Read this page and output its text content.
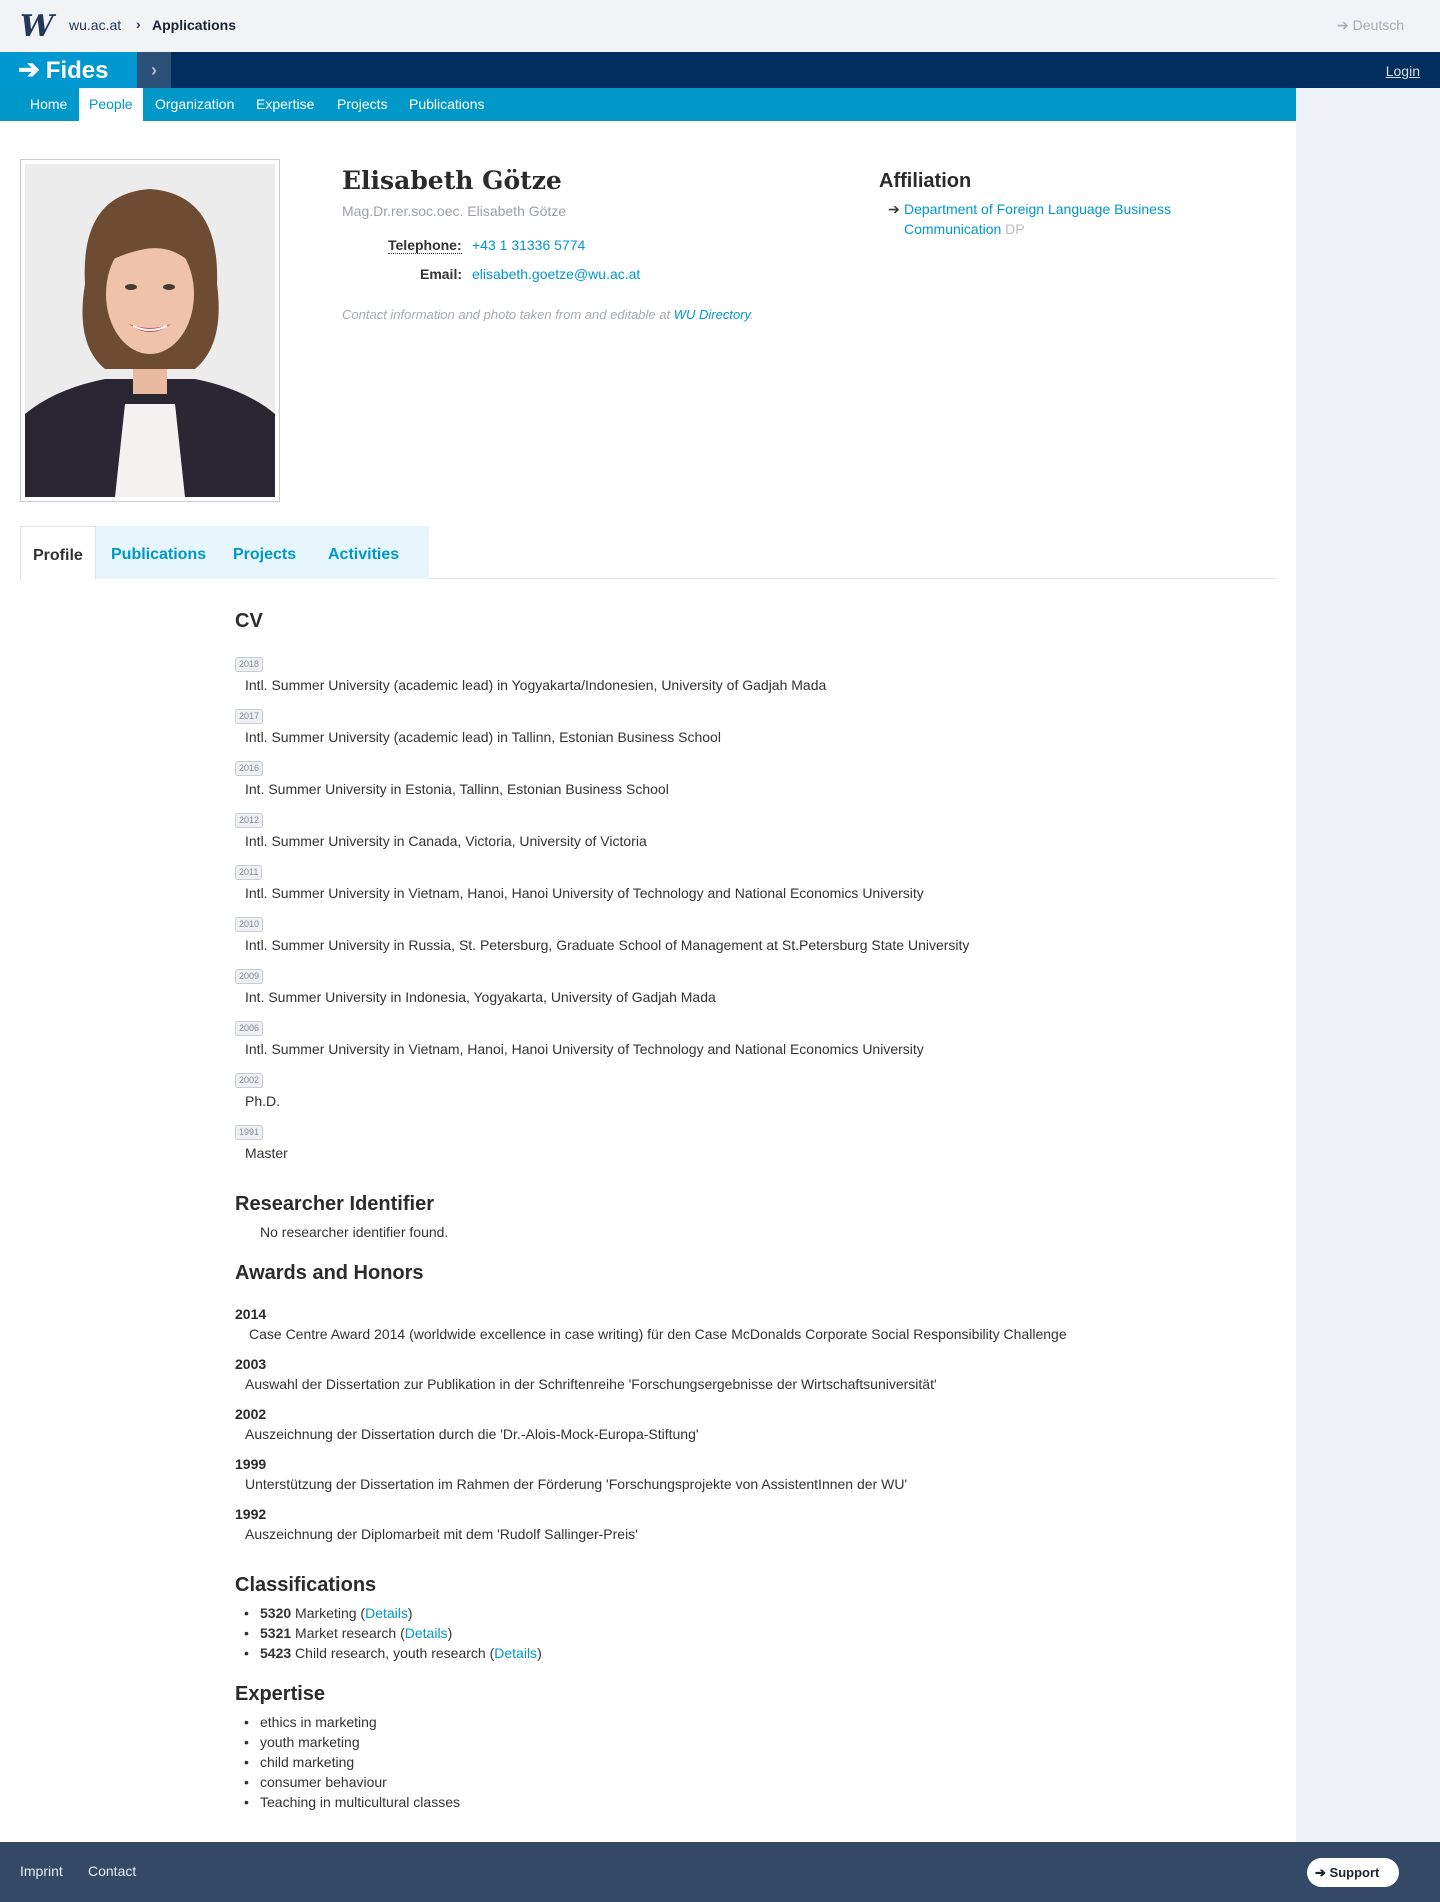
W wu.ac.at › Applications	➔ Deutsch
➔ Fides	›	Login
Home	People	Organization	Expertise	Projects	Publications
Elisabeth Götze
Mag.Dr.rer.soc.oec. Elisabeth Götze
Telephone: +43 1 31336 5774
Email: elisabeth.goetze@wu.ac.at
Contact information and photo taken from and editable at WU Directory.
Affiliation
➔ Department of Foreign Language Business Communication DP
Profile	Publications	Projects	Activities
CV
2018
Intl. Summer University (academic lead) in Yogyakarta/Indonesien, University of Gadjah Mada
2017
Intl. Summer University (academic lead) in Tallinn, Estonian Business School
2016
Int. Summer University in Estonia, Tallinn, Estonian Business School
2012
Intl. Summer University in Canada, Victoria, University of Victoria
2011
Intl. Summer University in Vietnam, Hanoi, Hanoi University of Technology and National Economics University
2010
Intl. Summer University in Russia, St. Petersburg, Graduate School of Management at St.Petersburg State University
2009
Int. Summer University in Indonesia, Yogyakarta, University of Gadjah Mada
2006
Intl. Summer University in Vietnam, Hanoi, Hanoi University of Technology and National Economics University
2002
Ph.D.
1991
Master
Researcher Identifier
No researcher identifier found.
Awards and Honors
2014
Case Centre Award 2014 (worldwide excellence in case writing) für den Case McDonalds Corporate Social Responsibility Challenge
2003
Auswahl der Dissertation zur Publikation in der Schriftenreihe 'Forschungsergebnisse der Wirtschaftsuniversität'
2002
Auszeichnung der Dissertation durch die 'Dr.-Alois-Mock-Europa-Stiftung'
1999
Unterstützung der Dissertation im Rahmen der Förderung 'Forschungsprojekte von AssistentInnen der WU'
1992
Auszeichnung der Diplomarbeit mit dem 'Rudolf Sallinger-Preis'
Classifications
• 5320 Marketing (Details)
• 5321 Market research (Details)
• 5423 Child research, youth research (Details)
Expertise
• ethics in marketing
• youth marketing
• child marketing
• consumer behaviour
• Teaching in multicultural classes
Imprint Contact	➔ Support
